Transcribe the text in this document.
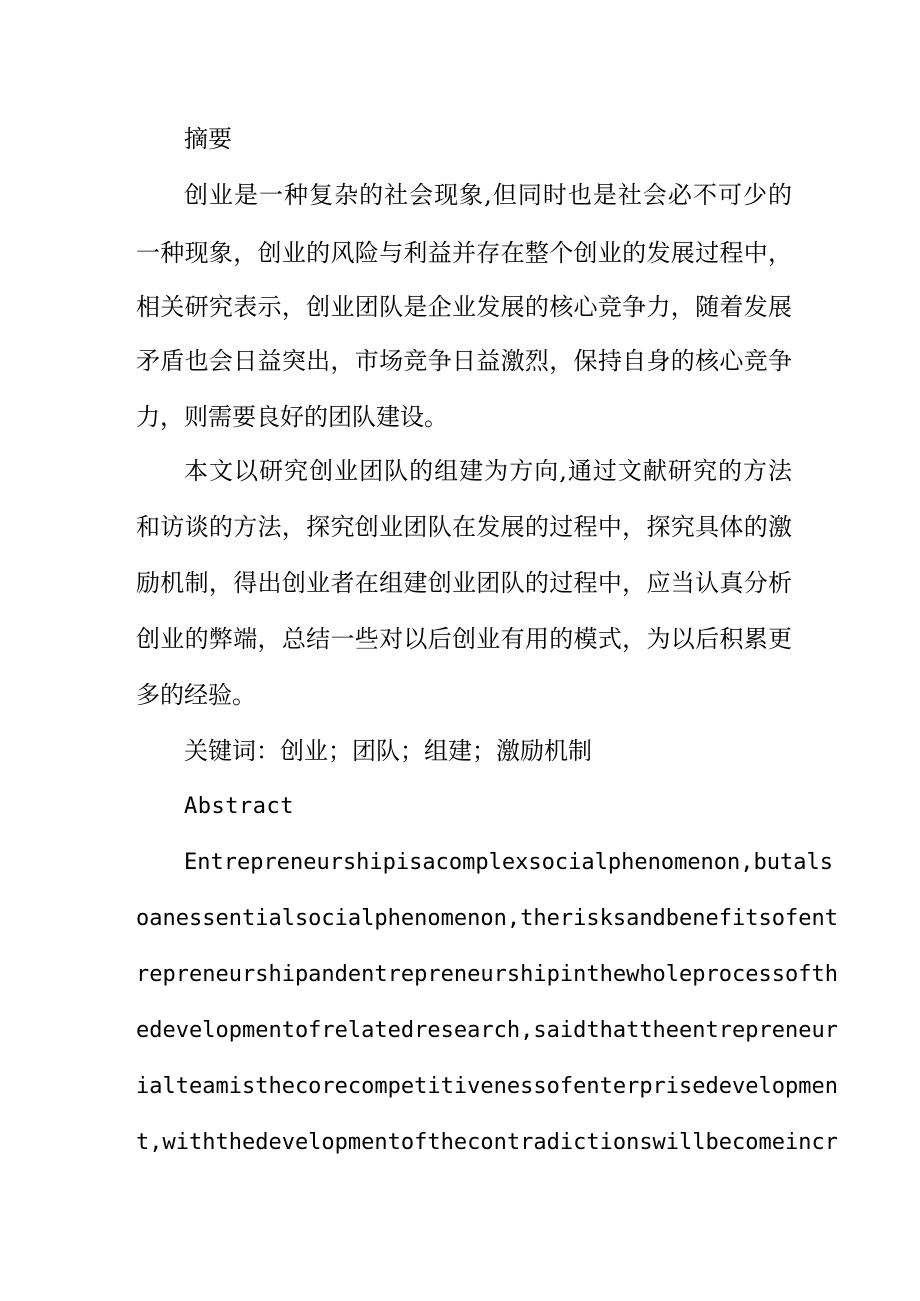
摘要
创业是一种复杂的社会现象,但同时也是社会必不可少的
一种现象，创业的风险与利益并存在整个创业的发展过程中，
相关研究表示，创业团队是企业发展的核心竞争力，随着发展
矛盾也会日益突出，市场竞争日益激烈，保持自身的核心竞争
力，则需要良好的团队建设。
本文以研究创业团队的组建为方向,通过文献研究的方法
和访谈的方法，探究创业团队在发展的过程中，探究具体的激
励机制，得出创业者在组建创业团队的过程中，应当认真分析
创业的弊端，总结一些对以后创业有用的模式，为以后积累更
多的经验。
关键词：创业；团队；组建；激励机制
Abstract
Entrepreneurshipisacomplexsocialphenomenon,butals
oanessentialsocialphenomenon,therisksandbenefitsofent
repreneurshipandentrepreneurshipinthewholeprocessofth
edevelopmentofrelatedresearch,saidthattheentrepreneur
ialteamisthecorecompetitivenessofenterprisedevelopmen
t,withthedevelopmentofthecontradictionswillbecomeincr
